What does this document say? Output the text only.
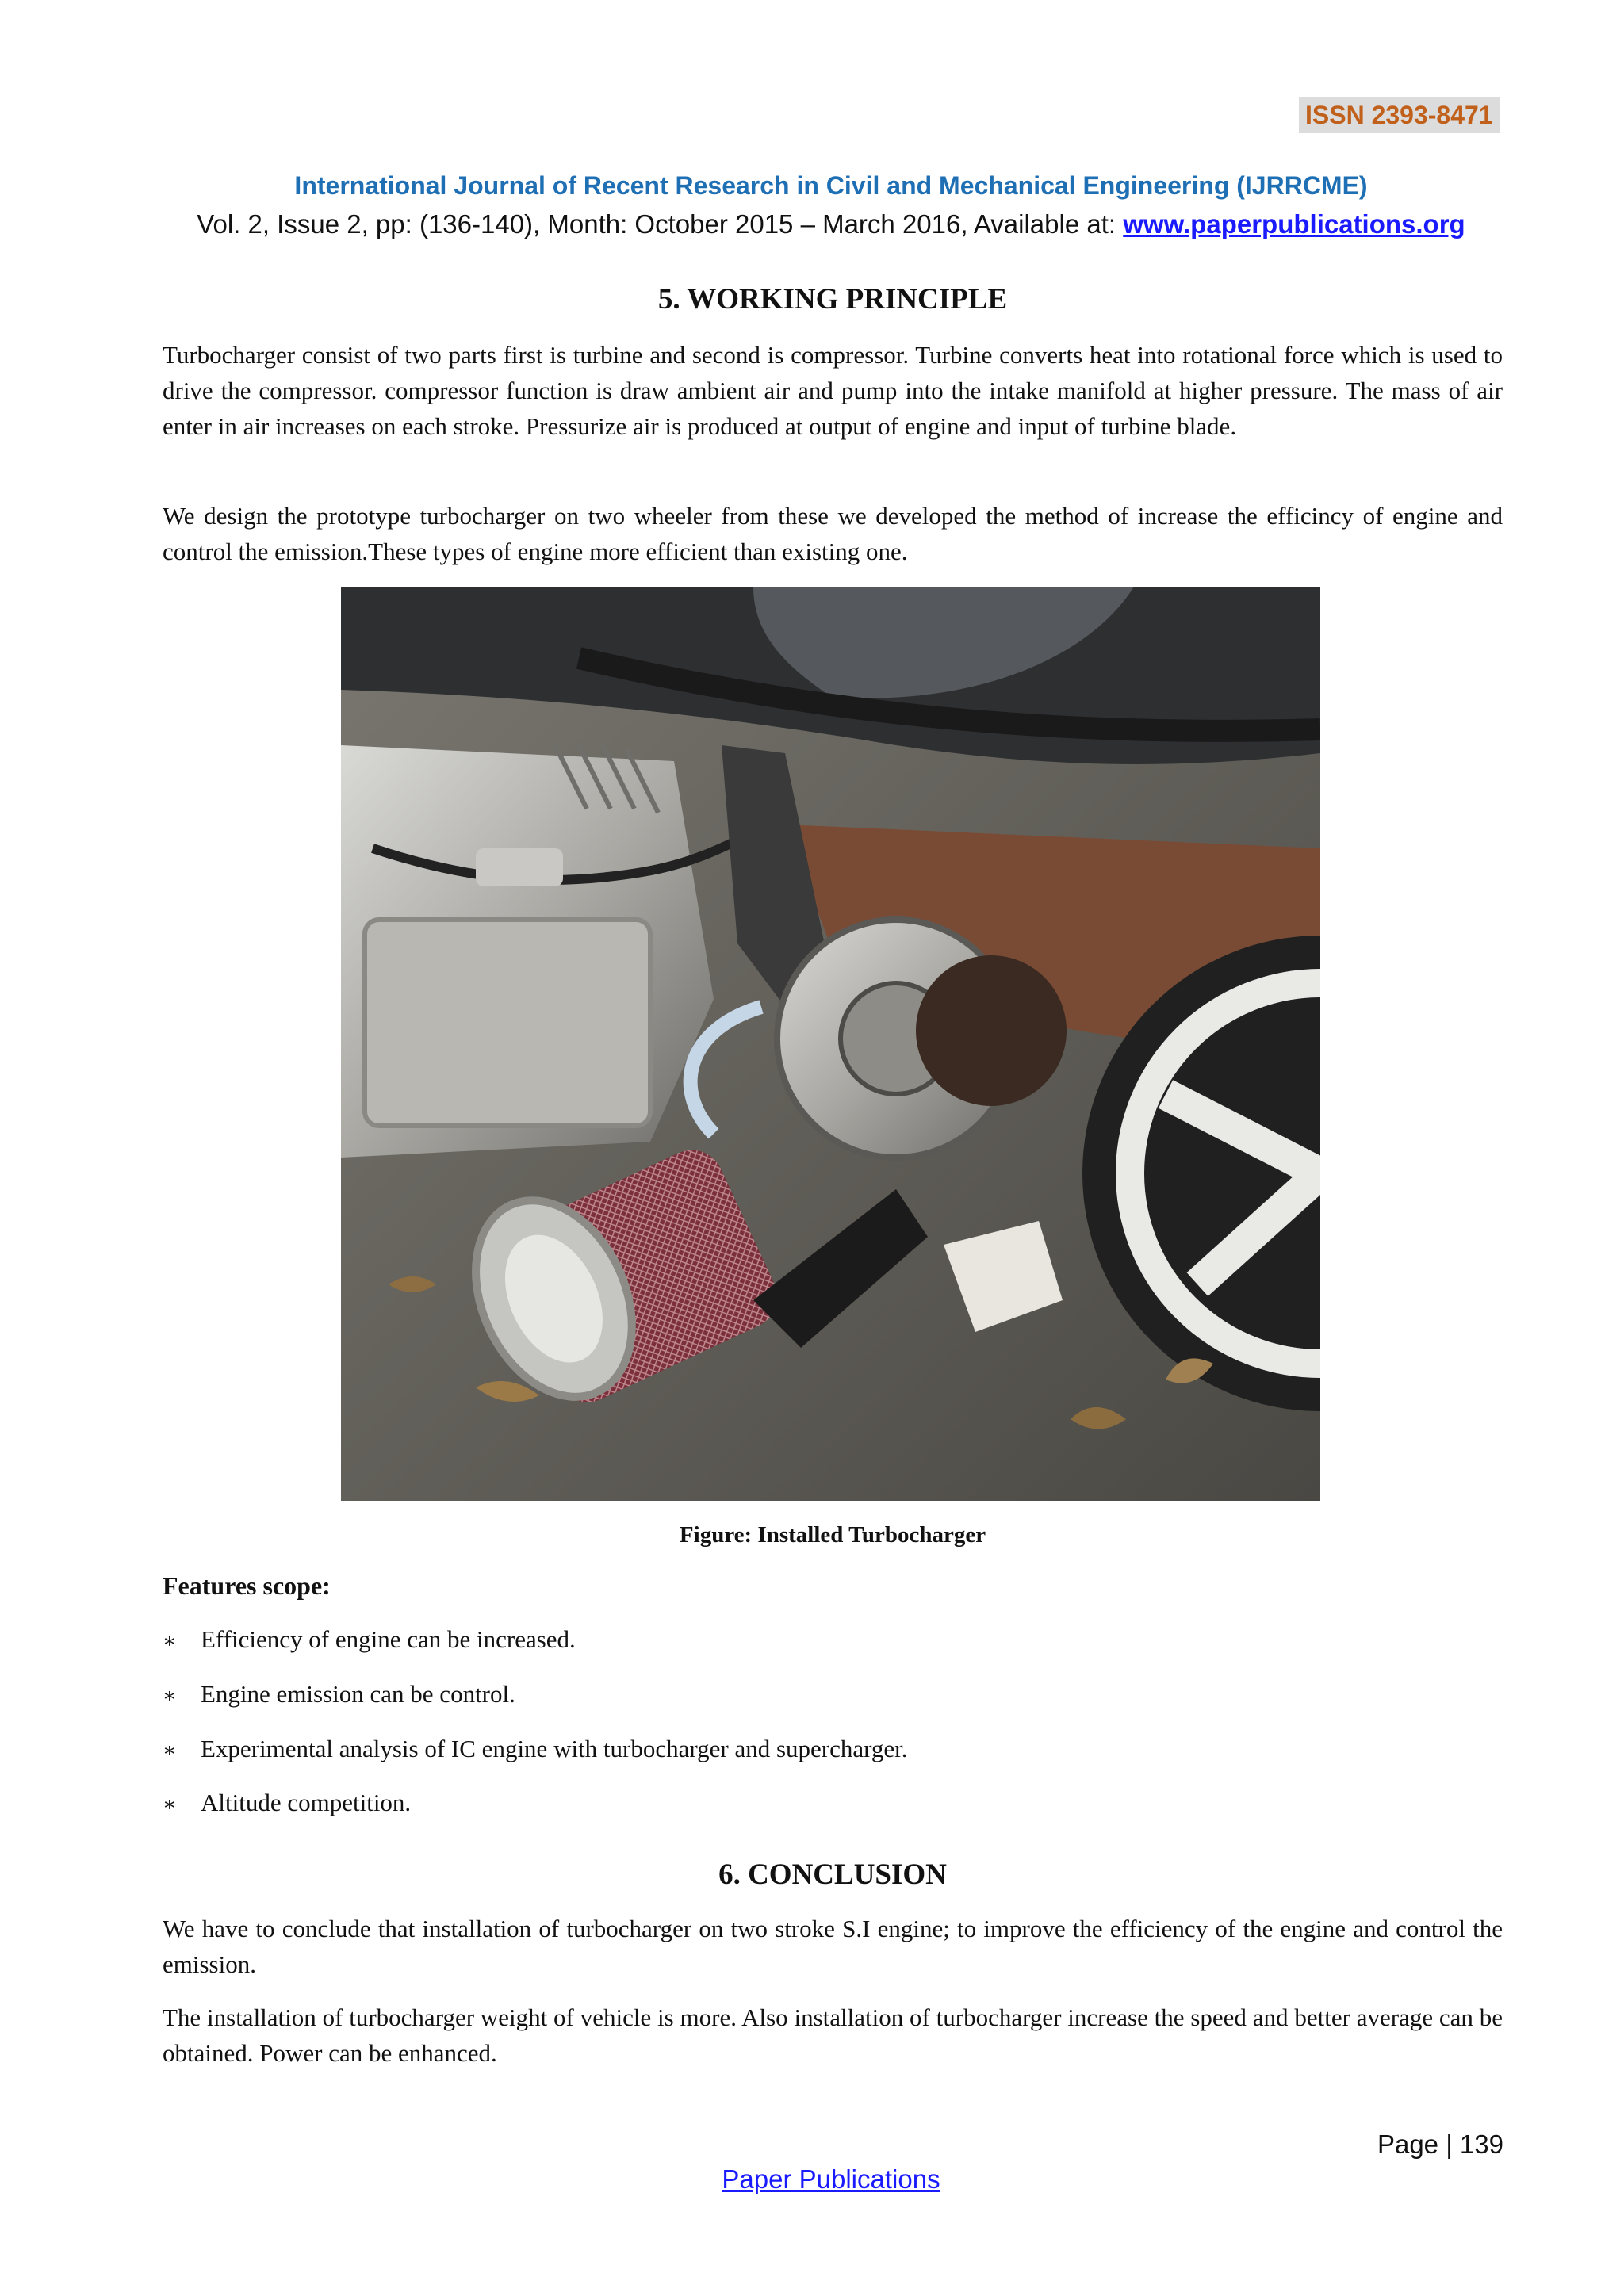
ISSN 2393-8471
International Journal of Recent Research in Civil and Mechanical Engineering (IJRRCME)
Vol. 2, Issue 2, pp: (136-140), Month: October 2015 – March 2016, Available at: www.paperpublications.org
5. WORKING PRINCIPLE
Turbocharger consist of two parts first is turbine and second is compressor. Turbine converts heat into rotational force which is used to drive the compressor. compressor function is draw ambient air and pump into the intake manifold at higher pressure. The mass of air enter in air increases on each stroke. Pressurize air is produced at output of engine and input of turbine blade.
We design the prototype turbocharger on two wheeler from these we developed the method of increase the efficincy of engine and control the emission.These types of engine more efficient than existing one.
Figure: Installed Turbocharger
Features scope:
∗ Efficiency of engine can be increased.
∗ Engine emission can be control.
∗ Experimental analysis of IC engine with turbocharger and supercharger.
∗ Altitude competition.
6. CONCLUSION
We have to conclude that installation of turbocharger on two stroke S.I engine; to improve the efficiency of the engine and control the emission.
The installation of turbocharger weight of vehicle is more. Also installation of turbocharger increase the speed and better average can be obtained. Power can be enhanced.
Page | 139
Paper Publications
